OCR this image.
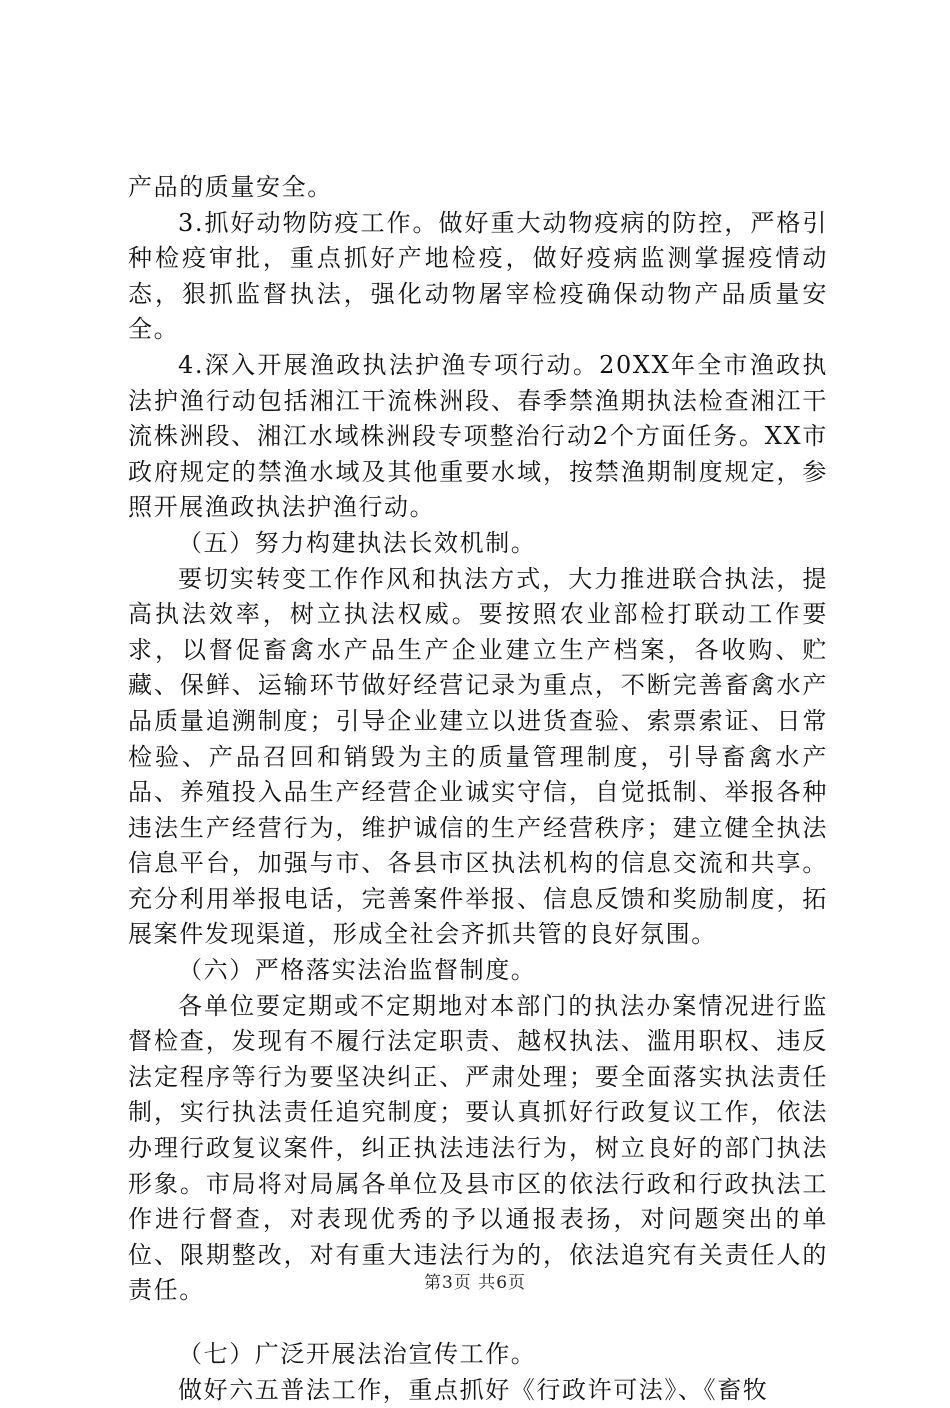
产品的质量安全。

3.抓好动物防疫工作。做好重大动物疫病的防控，严格引种检疫审批，重点抓好产地检疫，做好疫病监测掌握疫情动态，狠抓监督执法，强化动物屠宰检疫确保动物产品质量安全。

4.深入开展渔政执法护渔专项行动。20XX年全市渔政执法护渔行动包括湘江干流株洲段、春季禁渔期执法检查湘江干流株洲段、湘江水域株洲段专项整治行动2个方面任务。XX市政府规定的禁渔水域及其他重要水域，按禁渔期制度规定，参照开展渔政执法护渔行动。

（五）努力构建执法长效机制。

要切实转变工作作风和执法方式，大力推进联合执法，提高执法效率，树立执法权威。要按照农业部检打联动工作要求，以督促畜禽水产品生产企业建立生产档案，各收购、贮藏、保鲜、运输环节做好经营记录为重点，不断完善畜禽水产品质量追溯制度；引导企业建立以进货查验、索票索证、日常检验、产品召回和销毁为主的质量管理制度，引导畜禽水产品、养殖投入品生产经营企业诚实守信，自觉抵制、举报各种违法生产经营行为，维护诚信的生产经营秩序；建立健全执法信息平台，加强与市、各县市区执法机构的信息交流和共享。充分利用举报电话，完善案件举报、信息反馈和奖励制度，拓展案件发现渠道，形成全社会齐抓共管的良好氛围。

（六）严格落实法治监督制度。

各单位要定期或不定期地对本部门的执法办案情况进行监督检查，发现有不履行法定职责、越权执法、滥用职权、违反法定程序等行为要坚决纠正、严肃处理；要全面落实执法责任制，实行执法责任追究制度；要认真抓好行政复议工作，依法办理行政复议案件，纠正执法违法行为，树立良好的部门执法形象。市局将对局属各单位及县市区的依法行政和行政执法工作进行督查，对表现优秀的予以通报表扬，对问题突出的单位、限期整改，对有重大违法行为的，依法追究有关责任人的责任。

（七）广泛开展法治宣传工作。

做好六五普法工作，重点抓好《行政许可法》、《畜牧

第3页 共6页
